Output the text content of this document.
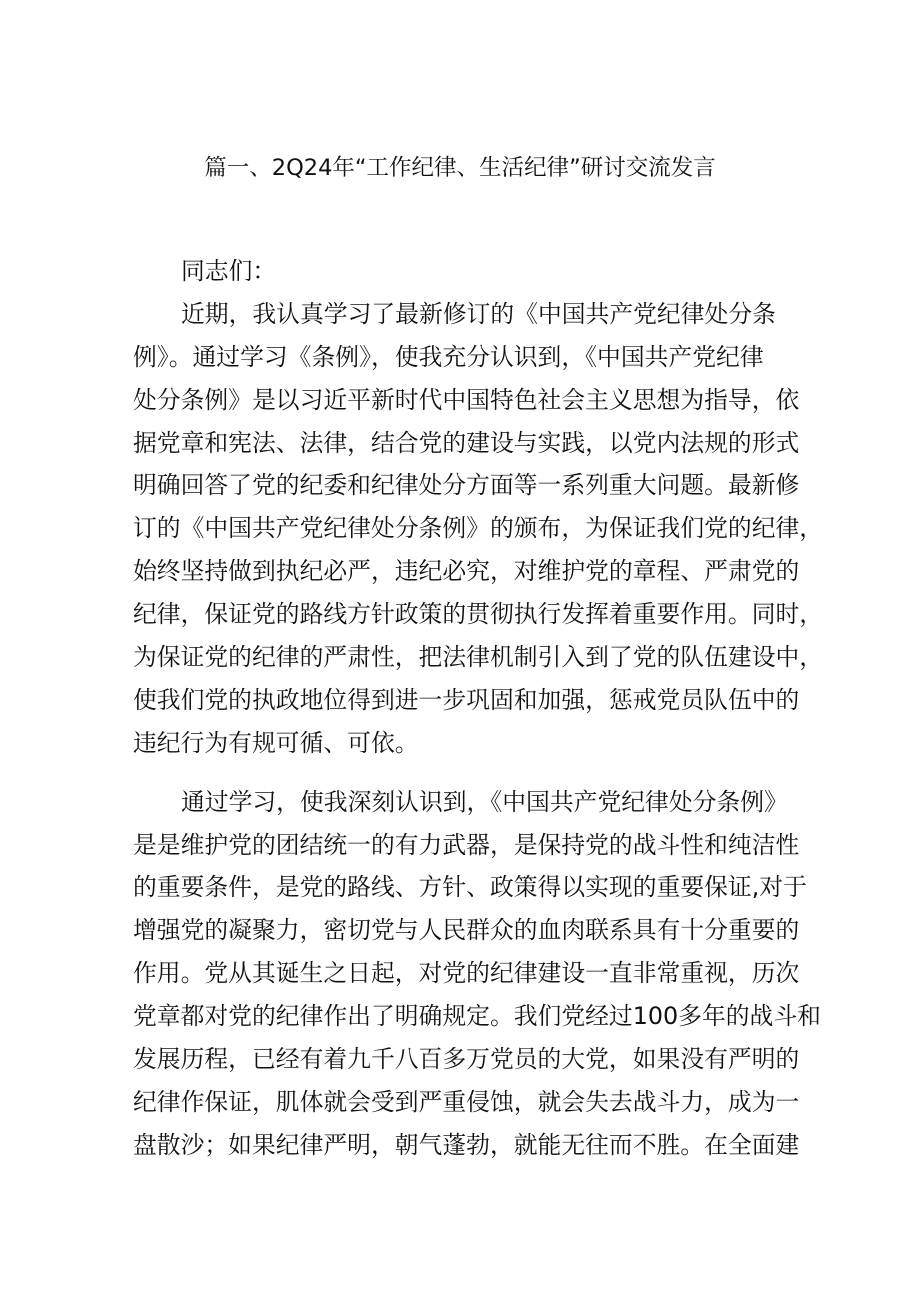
篇一、2Q24年“工作纪律、生活纪律”研讨交流发言
同志们：
近期，我认真学习了最新修订的《中国共产党纪律处分条
例》。通过学习《条例》，使我充分认识到，《中国共产党纪律
处分条例》是以习近平新时代中国特色社会主义思想为指导，依
据党章和宪法、法律，结合党的建设与实践，以党内法规的形式
明确回答了党的纪委和纪律处分方面等一系列重大问题。最新修
订的《中国共产党纪律处分条例》的颁布，为保证我们党的纪律，
始终坚持做到执纪必严，违纪必究，对维护党的章程、严肃党的
纪律，保证党的路线方针政策的贯彻执行发挥着重要作用。同时，
为保证党的纪律的严肃性，把法律机制引入到了党的队伍建设中，
使我们党的执政地位得到进一步巩固和加强，惩戒党员队伍中的
违纪行为有规可循、可依。
通过学习，使我深刻认识到，《中国共产党纪律处分条例》
是是维护党的团结统一的有力武器，是保持党的战斗性和纯洁性
的重要条件，是党的路线、方针、政策得以实现的重要保证,对于
增强党的凝聚力，密切党与人民群众的血肉联系具有十分重要的
作用。党从其诞生之日起，对党的纪律建设一直非常重视，历次
党章都对党的纪律作出了明确规定。我们党经过100多年的战斗和
发展历程，已经有着九千八百多万党员的大党，如果没有严明的
纪律作保证，肌体就会受到严重侵蚀，就会失去战斗力，成为一
盘散沙；如果纪律严明，朝气蓬勃，就能无往而不胜。在全面建
